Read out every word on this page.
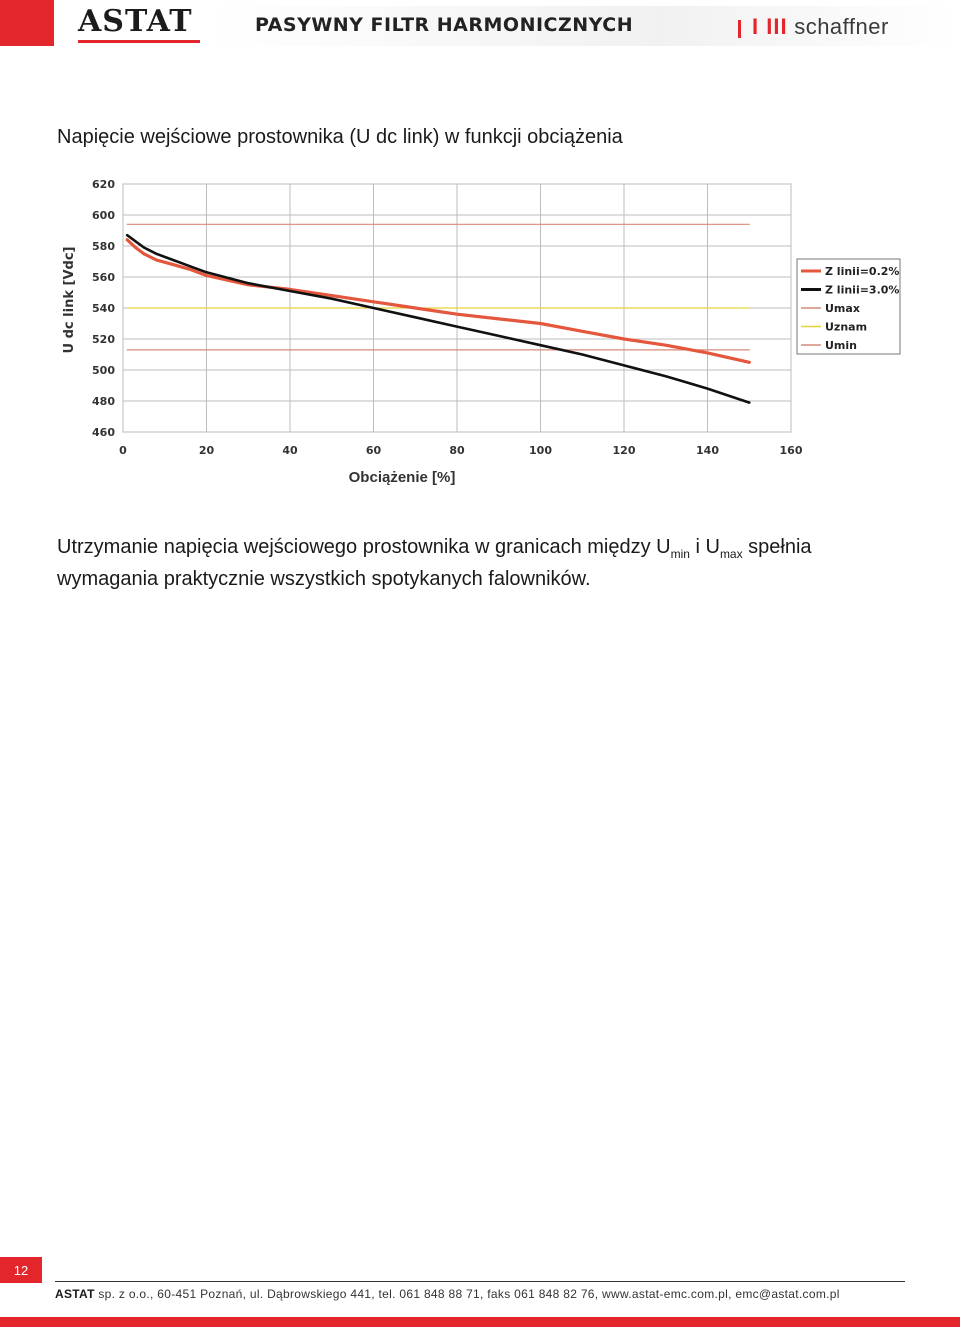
ASTAT	PASYWNY FILTR HARMONICZNYCH	I III schaffner
Napięcie wejściowe prostownika (U dc link) w funkcji obciążenia
460
480
500
520
540
560
580
600
620
0	20	40	60	80	100	120	140	160
Obciążenie [%]
U dc link [Vdc]	Z linii=0.2%
Z linii=3.0%
Umax
Uznam
Umin
Utrzymanie napięcia wejściowego prostownika w granicach między $U_{min}$ i $U_{max}$ spełnia
wymagania praktycznie wszystkich spotykanych falowników.
12
ASTAT sp. z o.o., 60-451 Poznań, ul. Dąbrowskiego 441, tel. 061 848 88 71, faks 061 848 82 76, www.astat-emc.com.pl, emc@astat.com.pl
